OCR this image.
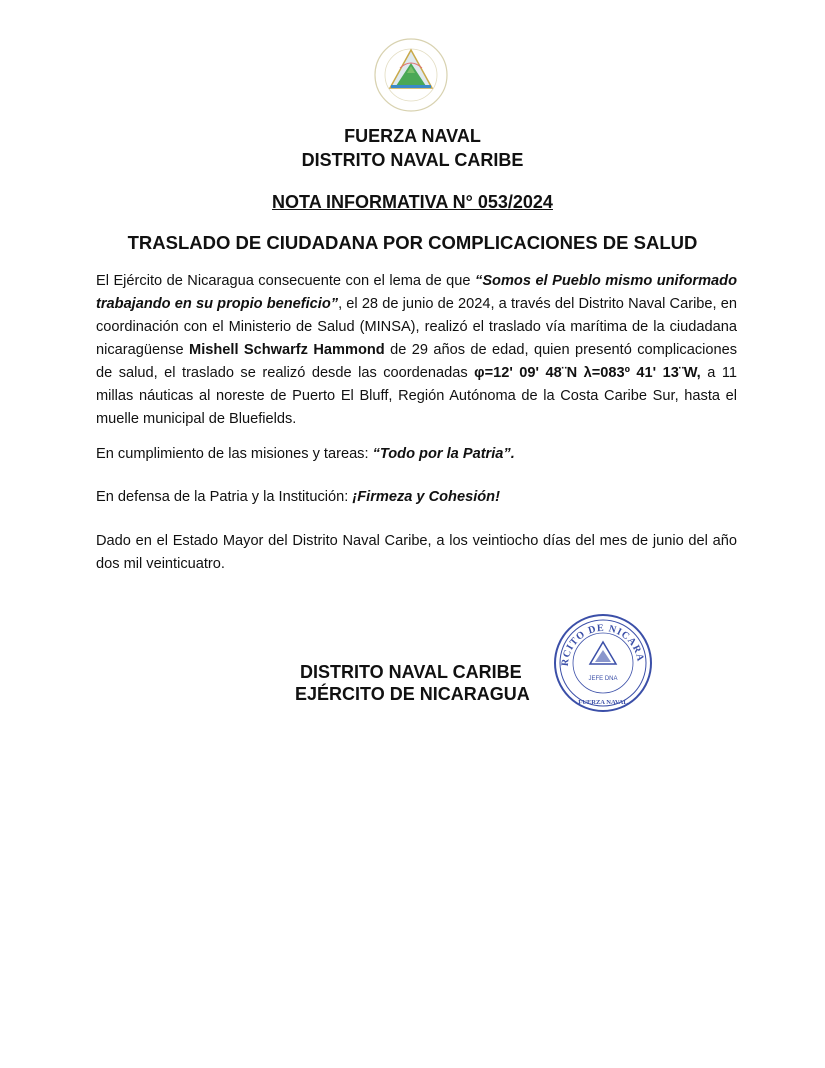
FUERZA NAVAL

DISTRITO NAVAL CARIBE

NOTA INFORMATIVA N° 053/2024

TRASLADO DE CIUDADANA POR COMPLICACIONES DE SALUD

El Ejército de Nicaragua consecuente con el lema de que “Somos el Pueblo mismo uniformado trabajando en su propio beneficio”, el 28 de junio de 2024, a través del Distrito Naval Caribe, en coordinación con el Ministerio de Salud (MINSA), realizó el traslado vía marítima de la ciudadana nicaragüense Mishell Schwarfz Hammond de 29 años de edad, quien presentó complicaciones de salud, el traslado se realizó desde las coordenadas φ=12' 09' 48¨N λ=083º 41' 13¨W, a 11 millas náuticas al noreste de Puerto El Bluff, Región Autónoma de la Costa Caribe Sur, hasta el muelle municipal de Bluefields.

En cumplimiento de las misiones y tareas: “Todo por la Patria”.

En defensa de la Patria y la Institución: ¡Firmeza y Cohesión!

Dado en el Estado Mayor del Distrito Naval Caribe, a los veintiocho días del mes de junio del año dos mil veinticuatro.

DISTRITO NAVAL CARIBE

EJÉRCITO DE NICARAGUA

RCITO DE NICARA
JEFE DNA
FUERZA NAVAL
